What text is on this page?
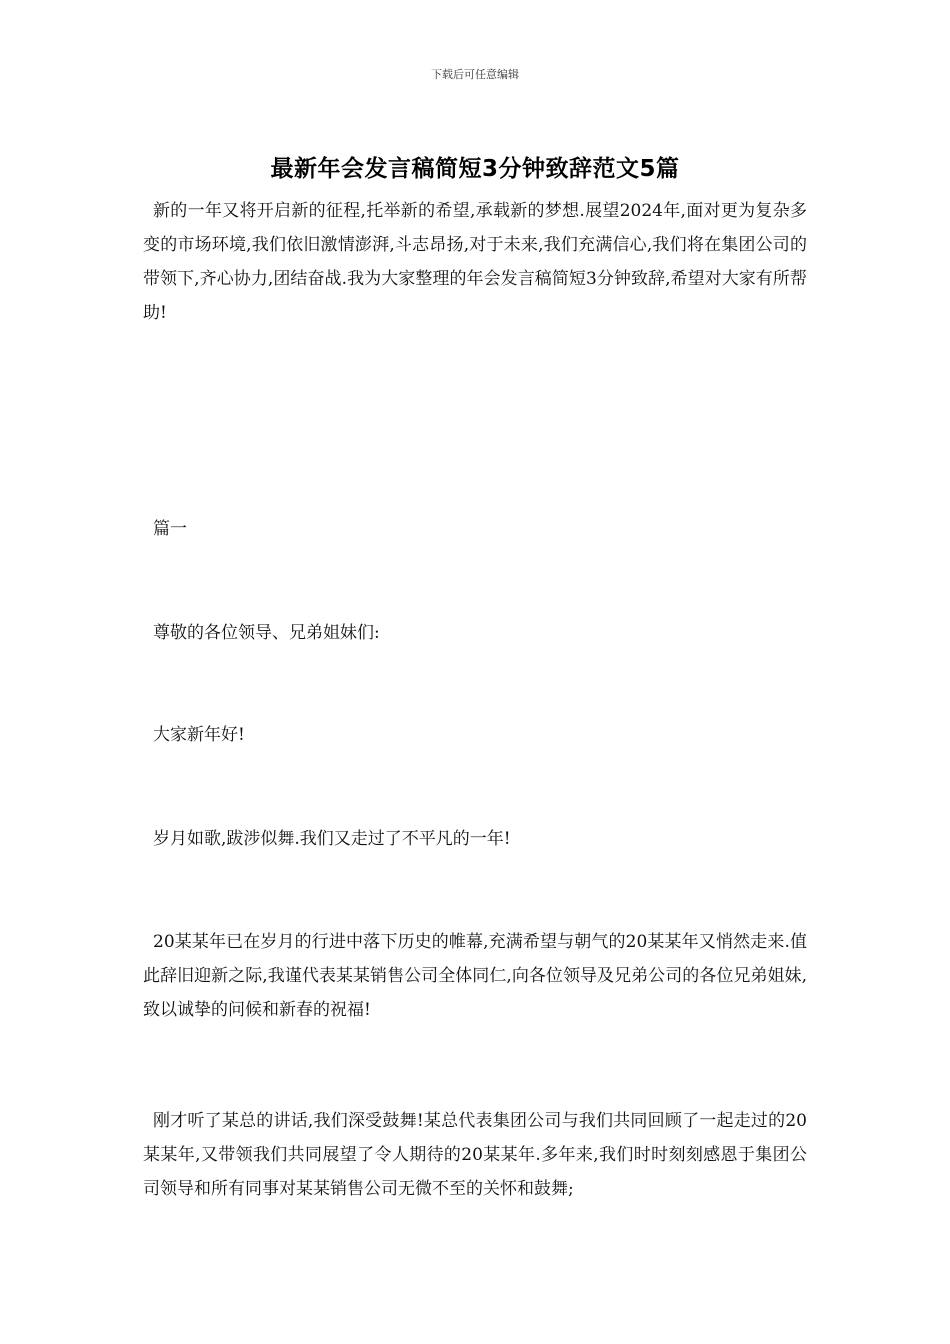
下载后可任意编辑
最新年会发言稿简短3分钟致辞范文5篇

新的一年又将开启新的征程,托举新的希望,承载新的梦想.展望2024年,面对更为复杂多变的市场环境,我们依旧激情澎湃,斗志昂扬,对于未来,我们充满信心,我们将在集团公司的带领下,齐心协力,团结奋战.我为大家整理的年会发言稿简短3分钟致辞,希望对大家有所帮助!

篇一

尊敬的各位领导、兄弟姐妹们:

大家新年好!

岁月如歌,跋涉似舞.我们又走过了不平凡的一年!

20某某年已在岁月的行进中落下历史的帷幕,充满希望与朝气的20某某年又悄然走来.值此辞旧迎新之际,我谨代表某某销售公司全体同仁,向各位领导及兄弟公司的各位兄弟姐妹,致以诚挚的问候和新春的祝福!

刚才听了某总的讲话,我们深受鼓舞!某总代表集团公司与我们共同回顾了一起走过的20某某年,又带领我们共同展望了令人期待的20某某年.多年来,我们时时刻刻感恩于集团公司领导和所有同事对某某销售公司无微不至的关怀和鼓舞;
